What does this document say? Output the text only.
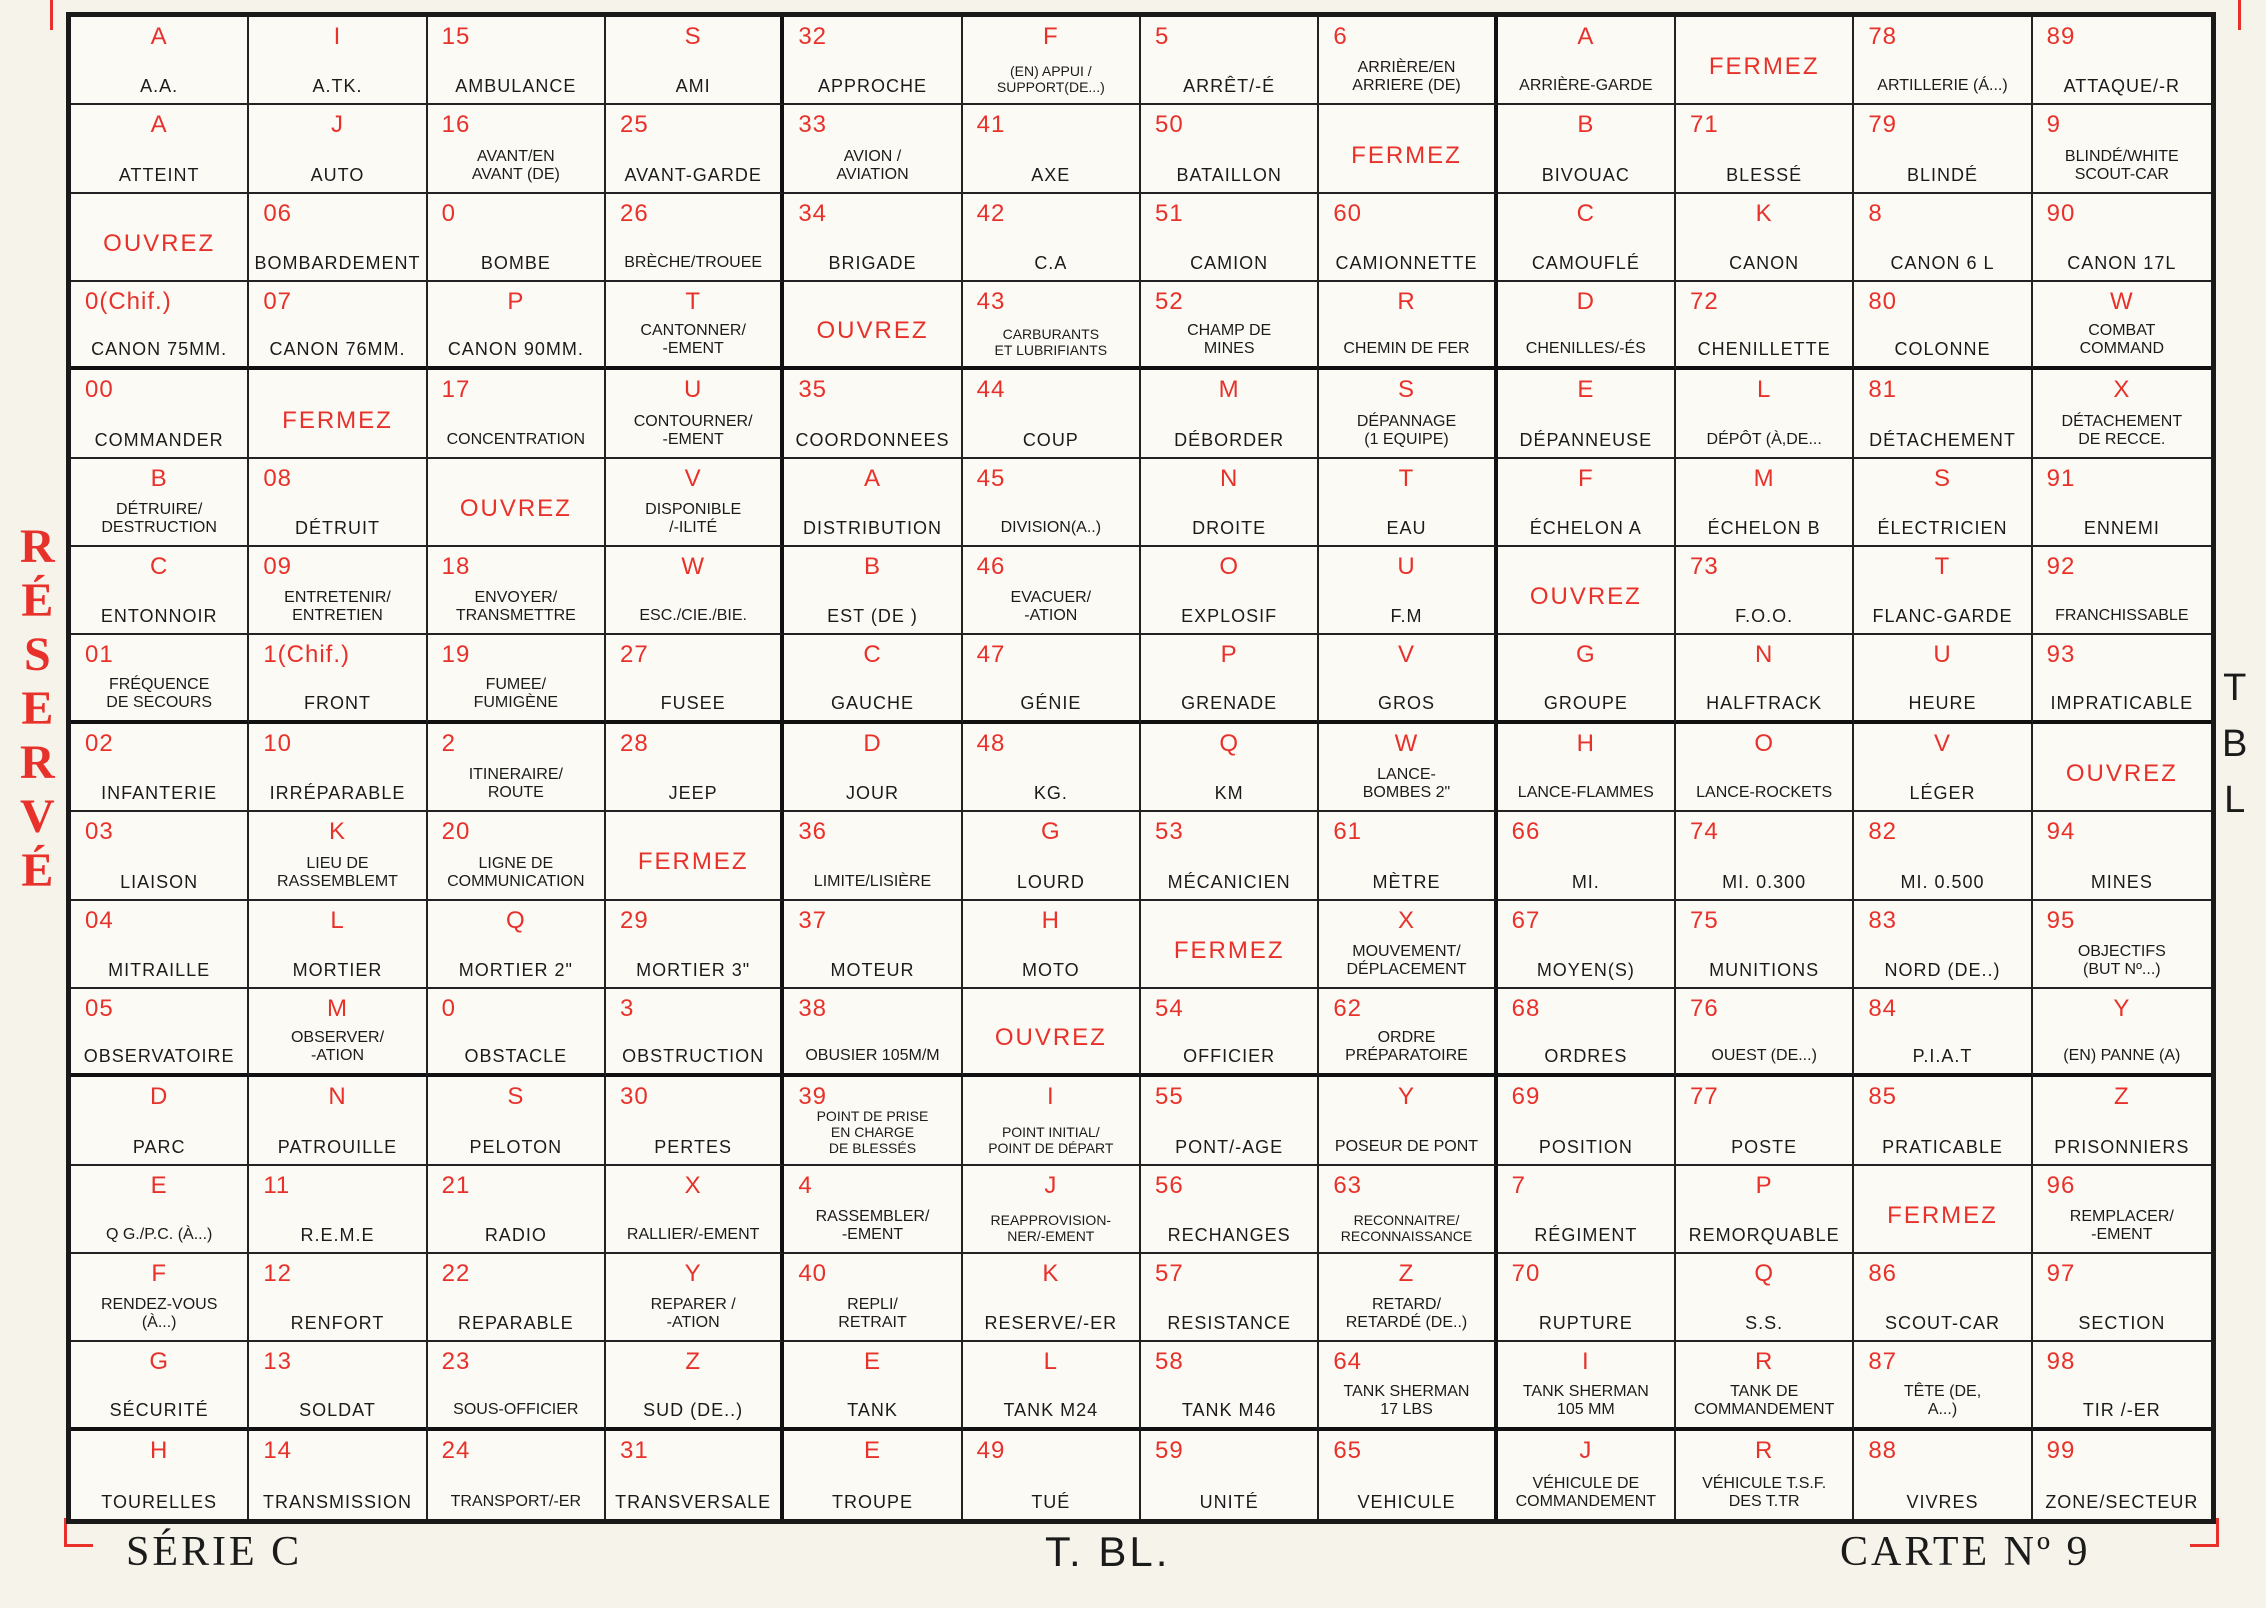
R
É
S
E
R
V
É
T
B
L
A
A.A.
I
A.TK.
15
AMBULANCE
S
AMI
32
APPROCHE
F
(EN) APPUI /
SUPPORT(DE...)
5
ARRÊT/-É
6
ARRIÈRE/EN
ARRIERE (DE)
A
ARRIÈRE-GARDE
FERMEZ
78
ARTILLERIE (Á...)
89
ATTAQUE/-R
A
ATTEINT
J
AUTO
16
AVANT/EN
AVANT (DE)
25
AVANT-GARDE
33
AVION /
AVIATION
41
AXE
50
BATAILLON
FERMEZ
B
BIVOUAC
71
BLESSÉ
79
BLINDÉ
9
BLINDÉ/WHITE
SCOUT-CAR
OUVREZ
06
BOMBARDEMENT
0
BOMBE
26
BRÈCHE/TROUEE
34
BRIGADE
42
C.A
51
CAMION
60
CAMIONNETTE
C
CAMOUFLÉ
K
CANON
8
CANON 6 L
90
CANON 17L
0(Chif.)
CANON 75MM.
07
CANON 76MM.
P
CANON 90MM.
T
CANTONNER/
-EMENT
OUVREZ
43
CARBURANTS
ET LUBRIFIANTS
52
CHAMP DE
MINES
R
CHEMIN DE FER
D
CHENILLES/-ÉS
72
CHENILLETTE
80
COLONNE
W
COMBAT
COMMAND
00
COMMANDER
FERMEZ
17
CONCENTRATION
U
CONTOURNER/
-EMENT
35
COORDONNEES
44
COUP
M
DÉBORDER
S
DÉPANNAGE
(1 EQUIPE)
E
DÉPANNEUSE
L
DÉPÔT (À,DE...
81
DÉTACHEMENT
X
DÉTACHEMENT
DE RECCE.
B
DÉTRUIRE/
DESTRUCTION
08
DÉTRUIT
OUVREZ
V
DISPONIBLE
/-ILITÉ
A
DISTRIBUTION
45
DIVISION(A..)
N
DROITE
T
EAU
F
ÉCHELON A
M
ÉCHELON B
S
ÉLECTRICIEN
91
ENNEMI
C
ENTONNOIR
09
ENTRETENIR/
ENTRETIEN
18
ENVOYER/
TRANSMETTRE
W
ESC./CIE./BIE.
B
EST (DE )
46
EVACUER/
-ATION
O
EXPLOSIF
U
F.M
OUVREZ
73
F.O.O.
T
FLANC-GARDE
92
FRANCHISSABLE
01
FRÉQUENCE
DE SECOURS
1(Chif.)
FRONT
19
FUMEE/
FUMIGÈNE
27
FUSEE
C
GAUCHE
47
GÉNIE
P
GRENADE
V
GROS
G
GROUPE
N
HALFTRACK
U
HEURE
93
IMPRATICABLE
02
INFANTERIE
10
IRRÉPARABLE
2
ITINERAIRE/
ROUTE
28
JEEP
D
JOUR
48
KG.
Q
KM
W
LANCE-
BOMBES 2"
H
LANCE-FLAMMES
O
LANCE-ROCKETS
V
LÉGER
OUVREZ
03
LIAISON
K
LIEU DE
RASSEMBLEMT
20
LIGNE DE
COMMUNICATION
FERMEZ
36
LIMITE/LISIÈRE
G
LOURD
53
MÉCANICIEN
61
MÈTRE
66
MI.
74
MI. 0.300
82
MI. 0.500
94
MINES
04
MITRAILLE
L
MORTIER
Q
MORTIER 2"
29
MORTIER 3"
37
MOTEUR
H
MOTO
FERMEZ
X
MOUVEMENT/
DÉPLACEMENT
67
MOYEN(S)
75
MUNITIONS
83
NORD (DE..)
95
OBJECTIFS
(BUT Nº...)
05
OBSERVATOIRE
M
OBSERVER/
-ATION
0
OBSTACLE
3
OBSTRUCTION
38
OBUSIER 105M/M
OUVREZ
54
OFFICIER
62
ORDRE
PRÉPARATOIRE
68
ORDRES
76
OUEST (DE...)
84
P.I.A.T
Y
(EN) PANNE (A)
D
PARC
N
PATROUILLE
S
PELOTON
30
PERTES
39
POINT DE PRISE
EN CHARGE
DE BLESSÉS
I
POINT INITIAL/
POINT DE DÉPART
55
PONT/-AGE
Y
POSEUR DE PONT
69
POSITION
77
POSTE
85
PRATICABLE
Z
PRISONNIERS
E
Q G./P.C. (À...)
11
R.E.M.E
21
RADIO
X
RALLIER/-EMENT
4
RASSEMBLER/
-EMENT
J
REAPPROVISION-
NER/-EMENT
56
RECHANGES
63
RECONNAITRE/
RECONNAISSANCE
7
RÉGIMENT
P
REMORQUABLE
FERMEZ
96
REMPLACER/
-EMENT
F
RENDEZ-VOUS
(À...)
12
RENFORT
22
REPARABLE
Y
REPARER /
-ATION
40
REPLI/
RETRAIT
K
RESERVE/-ER
57
RESISTANCE
Z
RETARD/
RETARDÉ (DE..)
70
RUPTURE
Q
S.S.
86
SCOUT-CAR
97
SECTION
G
SÉCURITÉ
13
SOLDAT
23
SOUS-OFFICIER
Z
SUD (DE..)
E
TANK
L
TANK M24
58
TANK M46
64
TANK SHERMAN
17 LBS
I
TANK SHERMAN
105 MM
R
TANK DE
COMMANDEMENT
87
TÊTE (DE,
A...)
98
TIR /-ER
H
TOURELLES
14
TRANSMISSION
24
TRANSPORT/-ER
31
TRANSVERSALE
E
TROUPE
49
TUÉ
59
UNITÉ
65
VEHICULE
J
VÉHICULE DE
COMMANDEMENT
R
VÉHICULE T.S.F.
DES T.TR
88
VIVRES
99
ZONE/SECTEUR
SÉRIE C	T. BL.	CARTE Nº 9
